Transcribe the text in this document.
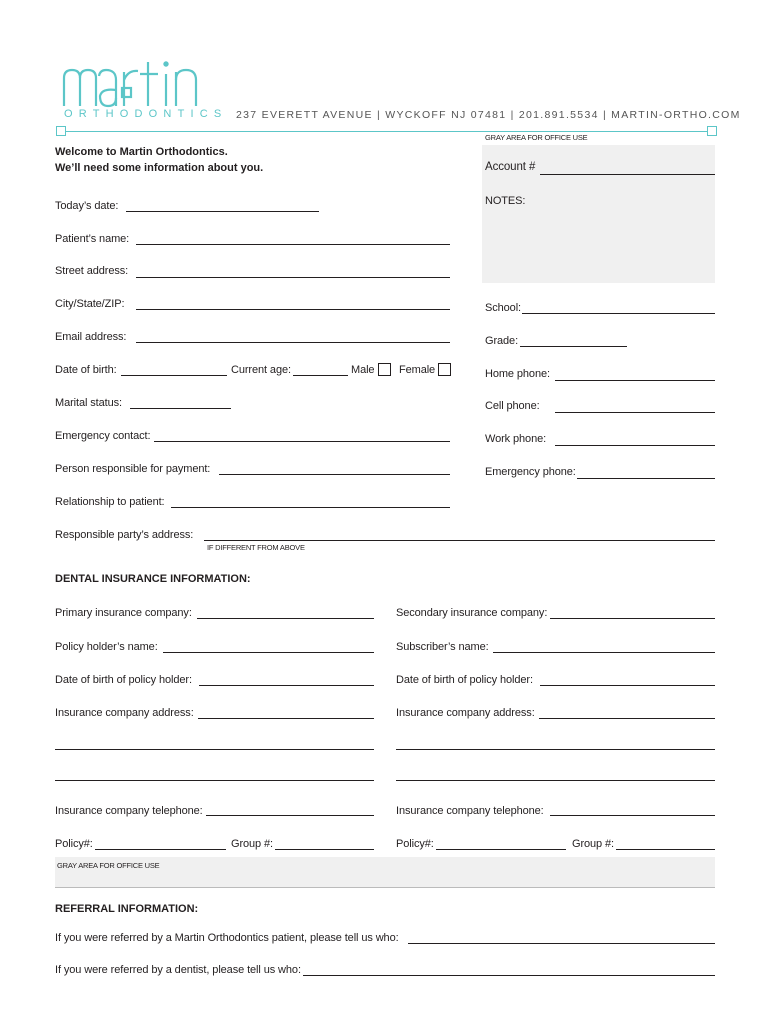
ORTHODONTICS 237 EVERETT AVENUE | WYCKOFF NJ 07481 | 201.891.5534 | MARTIN-ORTHO.COM
GRAY AREA FOR OFFICE USE
Account #
NOTES:
Welcome to Martin Orthodontics.
We’ll need some information about you.
Today’s date:
Patient’s name:
Street address:
City/State/ZIP:
Email address:
Date of birth:	Current age:	Male Female
Marital status:
Emergency contact:
Person responsible for payment:
Relationship to patient:
Responsible party’s address:
IF DIFFERENT FROM ABOVE
School:
Grade:
Home phone:
Cell phone:
Work phone:
Emergency phone:
DENTAL INSURANCE INFORMATION:
Primary insurance company:
Policy holder’s name:
Date of birth of policy holder:
Insurance company address:
Insurance company telephone:
Policy#:	Group #:
Secondary insurance company:
Subscriber’s name:
Date of birth of policy holder:
Insurance company address:
Insurance company telephone:
Policy#:	Group #:
GRAY AREA FOR OFFICE USE
REFERRAL INFORMATION:
If you were referred by a Martin Orthodontics patient, please tell us who:
If you were referred by a dentist, please tell us who:
